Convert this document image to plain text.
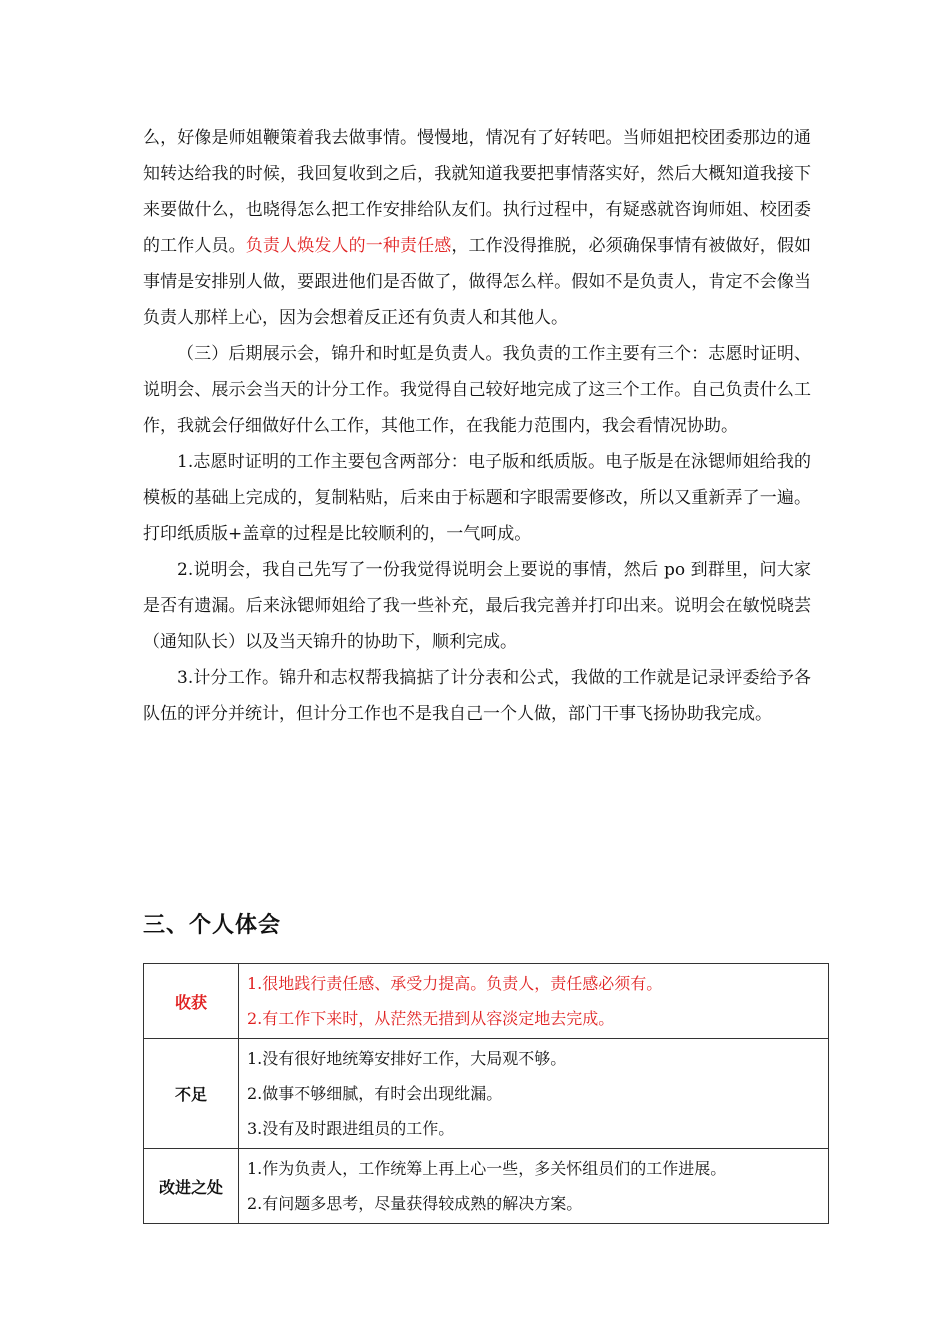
么，好像是师姐鞭策着我去做事情。慢慢地，情况有了好转吧。当师姐把校团委那边的通知转达给我的时候，我回复收到之后，我就知道我要把事情落实好，然后大概知道我接下来要做什么，也晓得怎么把工作安排给队友们。执行过程中，有疑惑就咨询师姐、校团委的工作人员。负责人焕发人的一种责任感，工作没得推脱，必须确保事情有被做好，假如事情是安排别人做，要跟进他们是否做了，做得怎么样。假如不是负责人，肯定不会像当负责人那样上心，因为会想着反正还有负责人和其他人。

（三）后期展示会，锦升和时虹是负责人。我负责的工作主要有三个：志愿时证明、说明会、展示会当天的计分工作。我觉得自己较好地完成了这三个工作。自己负责什么工作，我就会仔细做好什么工作，其他工作，在我能力范围内，我会看情况协助。

1.志愿时证明的工作主要包含两部分：电子版和纸质版。电子版是在泳锶师姐给我的模板的基础上完成的，复制粘贴，后来由于标题和字眼需要修改，所以又重新弄了一遍。打印纸质版+盖章的过程是比较顺利的，一气呵成。

2.说明会，我自己先写了一份我觉得说明会上要说的事情，然后 po 到群里，问大家是否有遗漏。后来泳锶师姐给了我一些补充，最后我完善并打印出来。说明会在敏悦晓芸（通知队长）以及当天锦升的协助下，顺利完成。

3.计分工作。锦升和志权帮我搞掂了计分表和公式，我做的工作就是记录评委给予各队伍的评分并统计，但计分工作也不是我自己一个人做，部门干事飞扬协助我完成。

三、个人体会
收获	1.很地践行责任感、承受力提高。负责人，责任感必须有。
2.有工作下来时，从茫然无措到从容淡定地去完成。

不足	1.没有很好地统筹安排好工作，大局观不够。
2.做事不够细腻，有时会出现纰漏。
3.没有及时跟进组员的工作。

改进之处	1.作为负责人，工作统筹上再上心一些，多关怀组员们的工作进展。
2.有问题多思考，尽量获得较成熟的解决方案。
